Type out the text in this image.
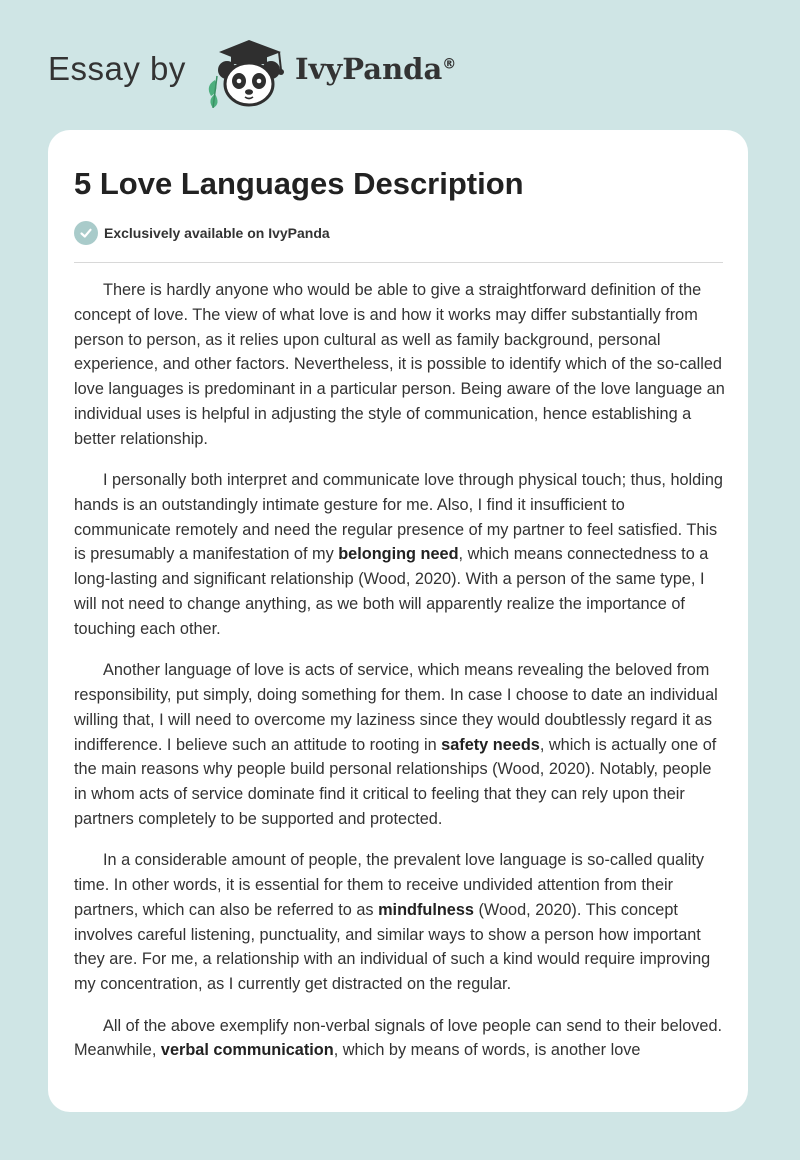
Essay by	IvyPanda®
5 Love Languages Description
Exclusively available on IvyPanda

There is hardly anyone who would be able to give a straightforward definition of the concept of love. The view of what love is and how it works may differ substantially from person to person, as it relies upon cultural as well as family background, personal experience, and other factors. Nevertheless, it is possible to identify which of the so-called love languages is predominant in a particular person. Being aware of the love language an individual uses is helpful in adjusting the style of communication, hence establishing a better relationship.

I personally both interpret and communicate love through physical touch; thus, holding hands is an outstandingly intimate gesture for me. Also, I find it insufficient to communicate remotely and need the regular presence of my partner to feel satisfied. This is presumably a manifestation of my belonging need, which means connectedness to a long-lasting and significant relationship (Wood, 2020). With a person of the same type, I will not need to change anything, as we both will apparently realize the importance of touching each other.

Another language of love is acts of service, which means revealing the beloved from responsibility, put simply, doing something for them. In case I choose to date an individual willing that, I will need to overcome my laziness since they would doubtlessly regard it as indifference. I believe such an attitude to rooting in safety needs, which is actually one of the main reasons why people build personal relationships (Wood, 2020). Notably, people in whom acts of service dominate find it critical to feeling that they can rely upon their partners completely to be supported and protected.

In a considerable amount of people, the prevalent love language is so-called quality time. In other words, it is essential for them to receive undivided attention from their partners, which can also be referred to as mindfulness (Wood, 2020). This concept involves careful listening, punctuality, and similar ways to show a person how important they are. For me, a relationship with an individual of such a kind would require improving my concentration, as I currently get distracted on the regular.

All of the above exemplify non-verbal signals of love people can send to their beloved. Meanwhile, verbal communication, which by means of words, is another love
